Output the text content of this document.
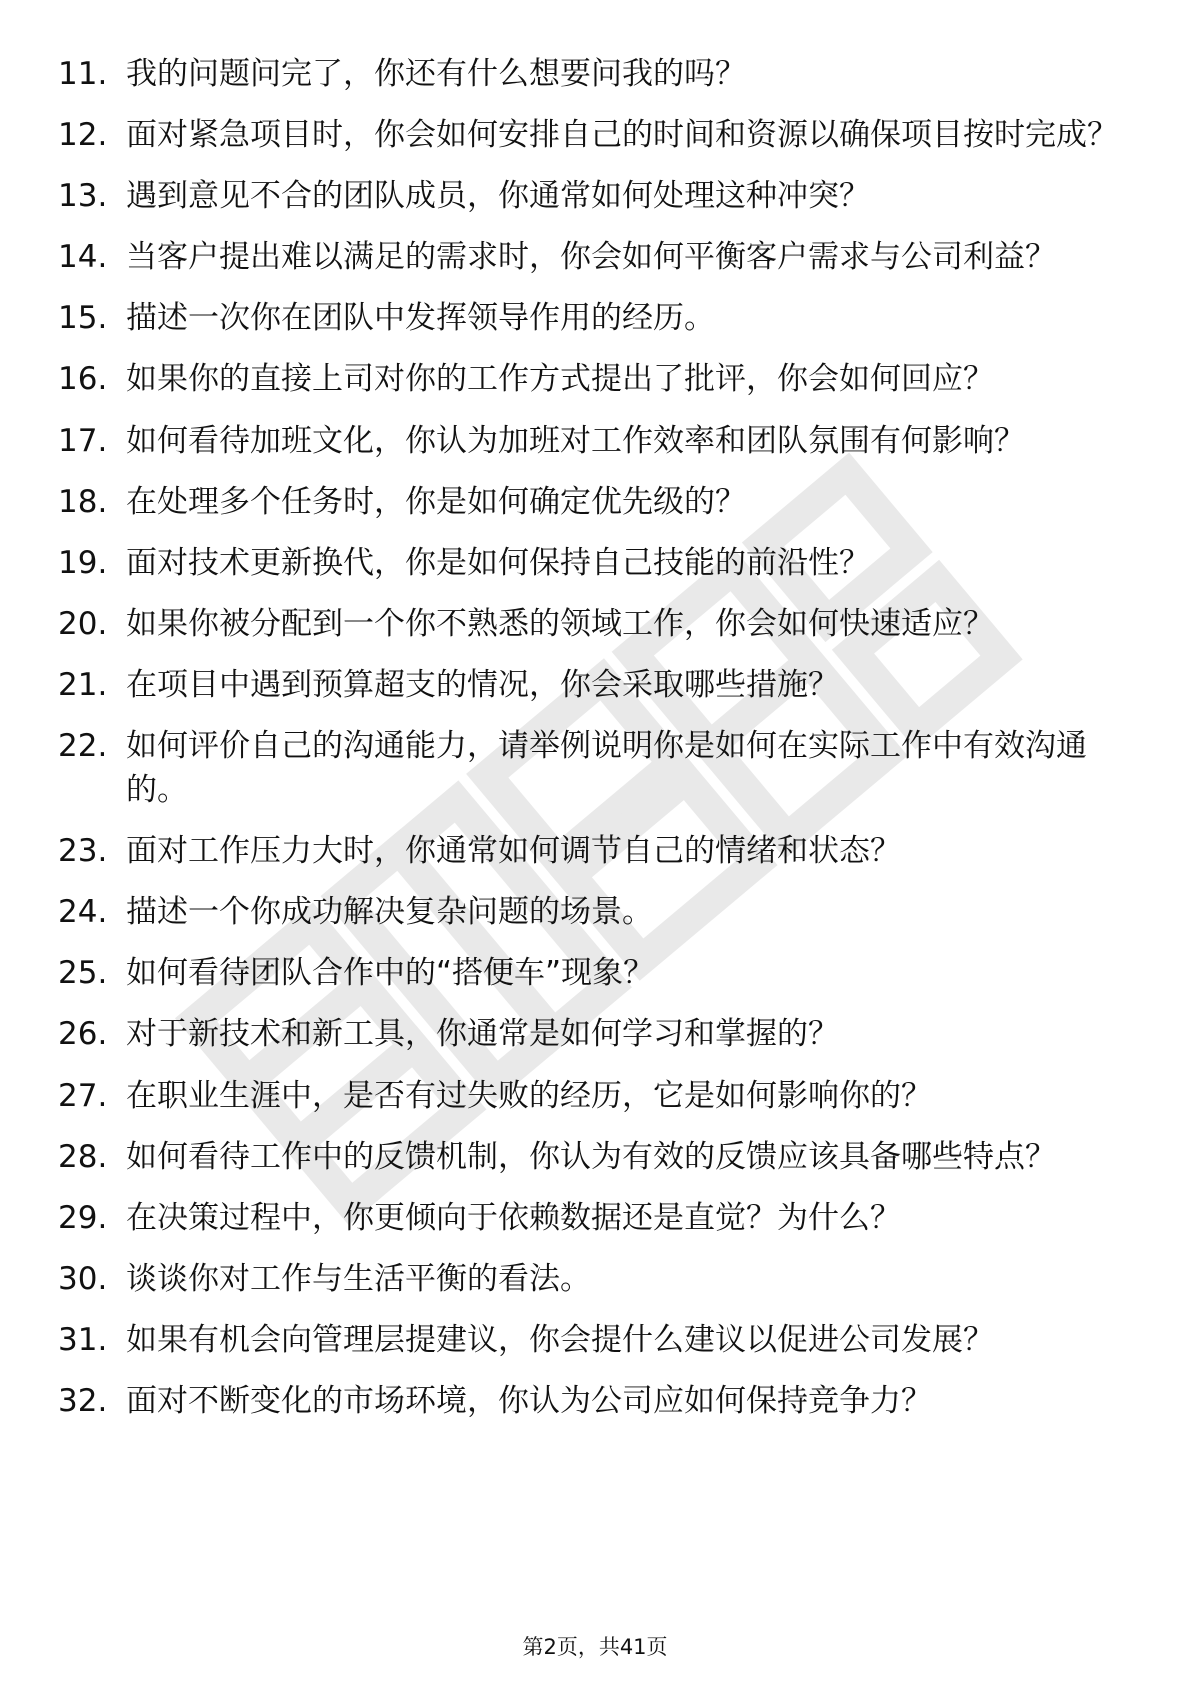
11. 我的问题问完了，你还有什么想要问我的吗？
12. 面对紧急项目时，你会如何安排自己的时间和资源以确保项目按时完成？
13. 遇到意见不合的团队成员，你通常如何处理这种冲突？
14. 当客户提出难以满足的需求时，你会如何平衡客户需求与公司利益？
15. 描述一次你在团队中发挥领导作用的经历。
16. 如果你的直接上司对你的工作方式提出了批评，你会如何回应？
17. 如何看待加班文化，你认为加班对工作效率和团队氛围有何影响？
18. 在处理多个任务时，你是如何确定优先级的？
19. 面对技术更新换代，你是如何保持自己技能的前沿性？
20. 如果你被分配到一个你不熟悉的领域工作，你会如何快速适应？
21. 在项目中遇到预算超支的情况，你会采取哪些措施？
22. 如何评价自己的沟通能力，请举例说明你是如何在实际工作中有效沟通的。
23. 面对工作压力大时，你通常如何调节自己的情绪和状态？
24. 描述一个你成功解决复杂问题的场景。
25. 如何看待团队合作中的“搭便车”现象？
26. 对于新技术和新工具，你通常是如何学习和掌握的？
27. 在职业生涯中，是否有过失败的经历，它是如何影响你的？
28. 如何看待工作中的反馈机制，你认为有效的反馈应该具备哪些特点？
29. 在决策过程中，你更倾向于依赖数据还是直觉？为什么？
30. 谈谈你对工作与生活平衡的看法。
31. 如果有机会向管理层提建议，你会提什么建议以促进公司发展？
32. 面对不断变化的市场环境，你认为公司应如何保持竞争力？
第2页，共41页
